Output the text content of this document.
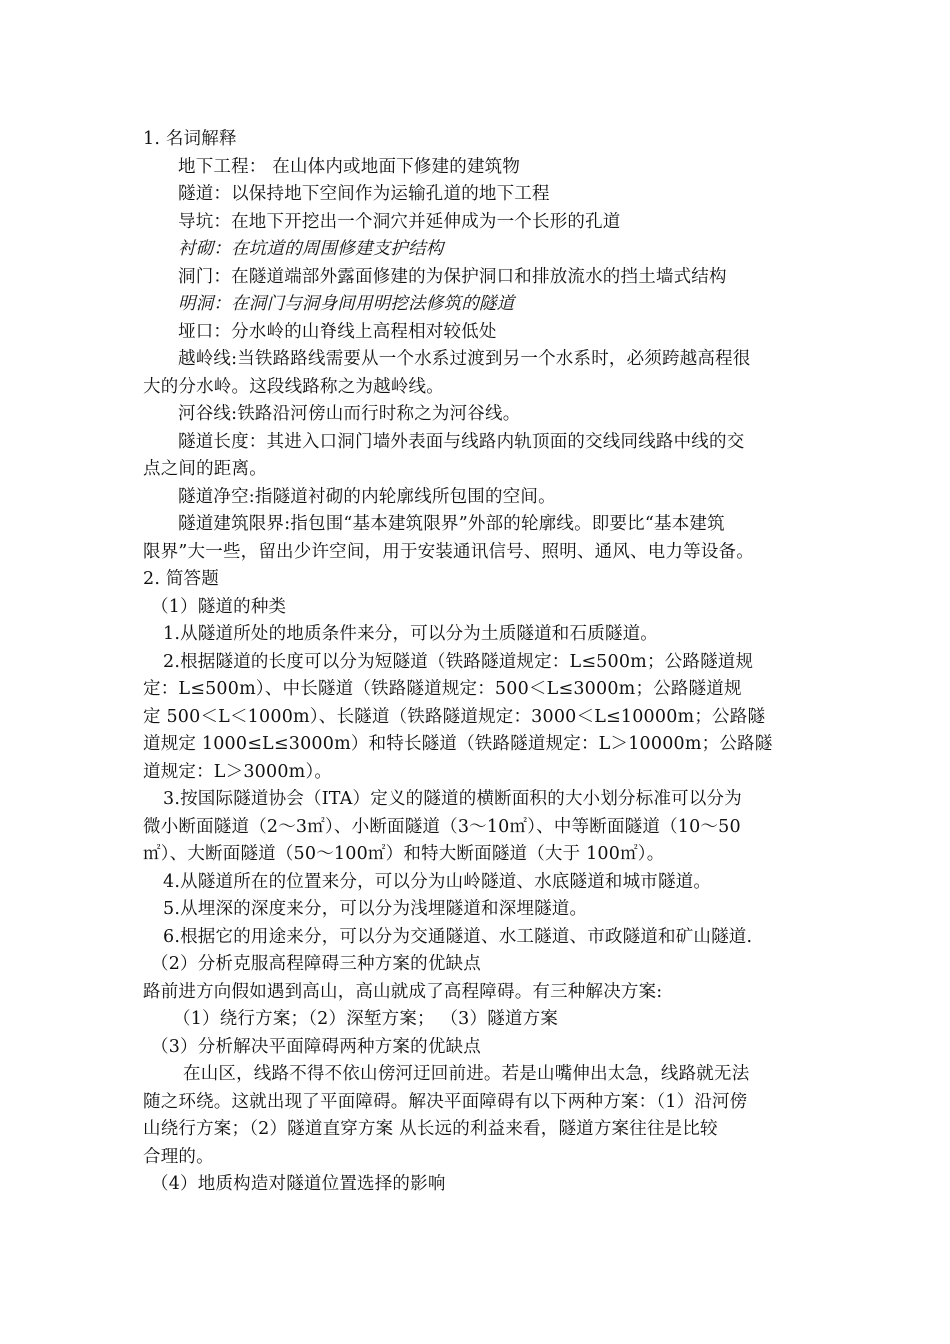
1. 名词解释
地下工程： 在山体内或地面下修建的建筑物
隧道：以保持地下空间作为运输孔道的地下工程
导坑：在地下开挖出一个洞穴并延伸成为一个长形的孔道
衬砌：在坑道的周围修建支护结构
洞门：在隧道端部外露面修建的为保护洞口和排放流水的挡土墙式结构
明洞：在洞门与洞身间用明挖法修筑的隧道
垭口：分水岭的山脊线上高程相对较低处
越岭线:当铁路路线需要从一个水系过渡到另一个水系时，必须跨越高程很
大的分水岭。这段线路称之为越岭线。
河谷线:铁路沿河傍山而行时称之为河谷线。
隧道长度：其进入口洞门墙外表面与线路内轨顶面的交线同线路中线的交
点之间的距离。
隧道净空:指隧道衬砌的内轮廓线所包围的空间。
隧道建筑限界:指包围“基本建筑限界”外部的轮廓线。即要比“基本建筑
限界”大一些，留出少许空间，用于安装通讯信号、照明、通风、电力等设备。
2. 简答题
（1）隧道的种类
1.从隧道所处的地质条件来分，可以分为土质隧道和石质隧道。
2.根据隧道的长度可以分为短隧道（铁路隧道规定：L≤500m；公路隧道规
定：L≤500m）、中长隧道（铁路隧道规定：500＜L≤3000m；公路隧道规
定 500＜L＜1000m）、长隧道（铁路隧道规定：3000＜L≤10000m；公路隧
道规定 1000≤L≤3000m）和特长隧道（铁路隧道规定：L＞10000m；公路隧
道规定：L＞3000m）。
3.按国际隧道协会（ITA）定义的隧道的横断面积的大小划分标准可以分为
微小断面隧道（2～3㎡）、小断面隧道（3～10㎡）、中等断面隧道（10～50
㎡）、大断面隧道（50～100㎡）和特大断面隧道（大于 100㎡）。
4.从隧道所在的位置来分，可以分为山岭隧道、水底隧道和城市隧道。
5.从埋深的深度来分，可以分为浅埋隧道和深埋隧道。
6.根据它的用途来分，可以分为交通隧道、水工隧道、市政隧道和矿山隧道.
（2）分析克服高程障碍三种方案的优缺点
路前进方向假如遇到高山，高山就成了高程障碍。有三种解决方案:
（1）绕行方案；（2）深堑方案； （3）隧道方案
（3）分析解决平面障碍两种方案的优缺点
在山区，线路不得不依山傍河迂回前进。若是山嘴伸出太急，线路就无法
随之环绕。这就出现了平面障碍。解决平面障碍有以下两种方案：（1）沿河傍
山绕行方案；（2）隧道直穿方案 从长远的利益来看，隧道方案往往是比较
合理的。
（4）地质构造对隧道位置选择的影响
